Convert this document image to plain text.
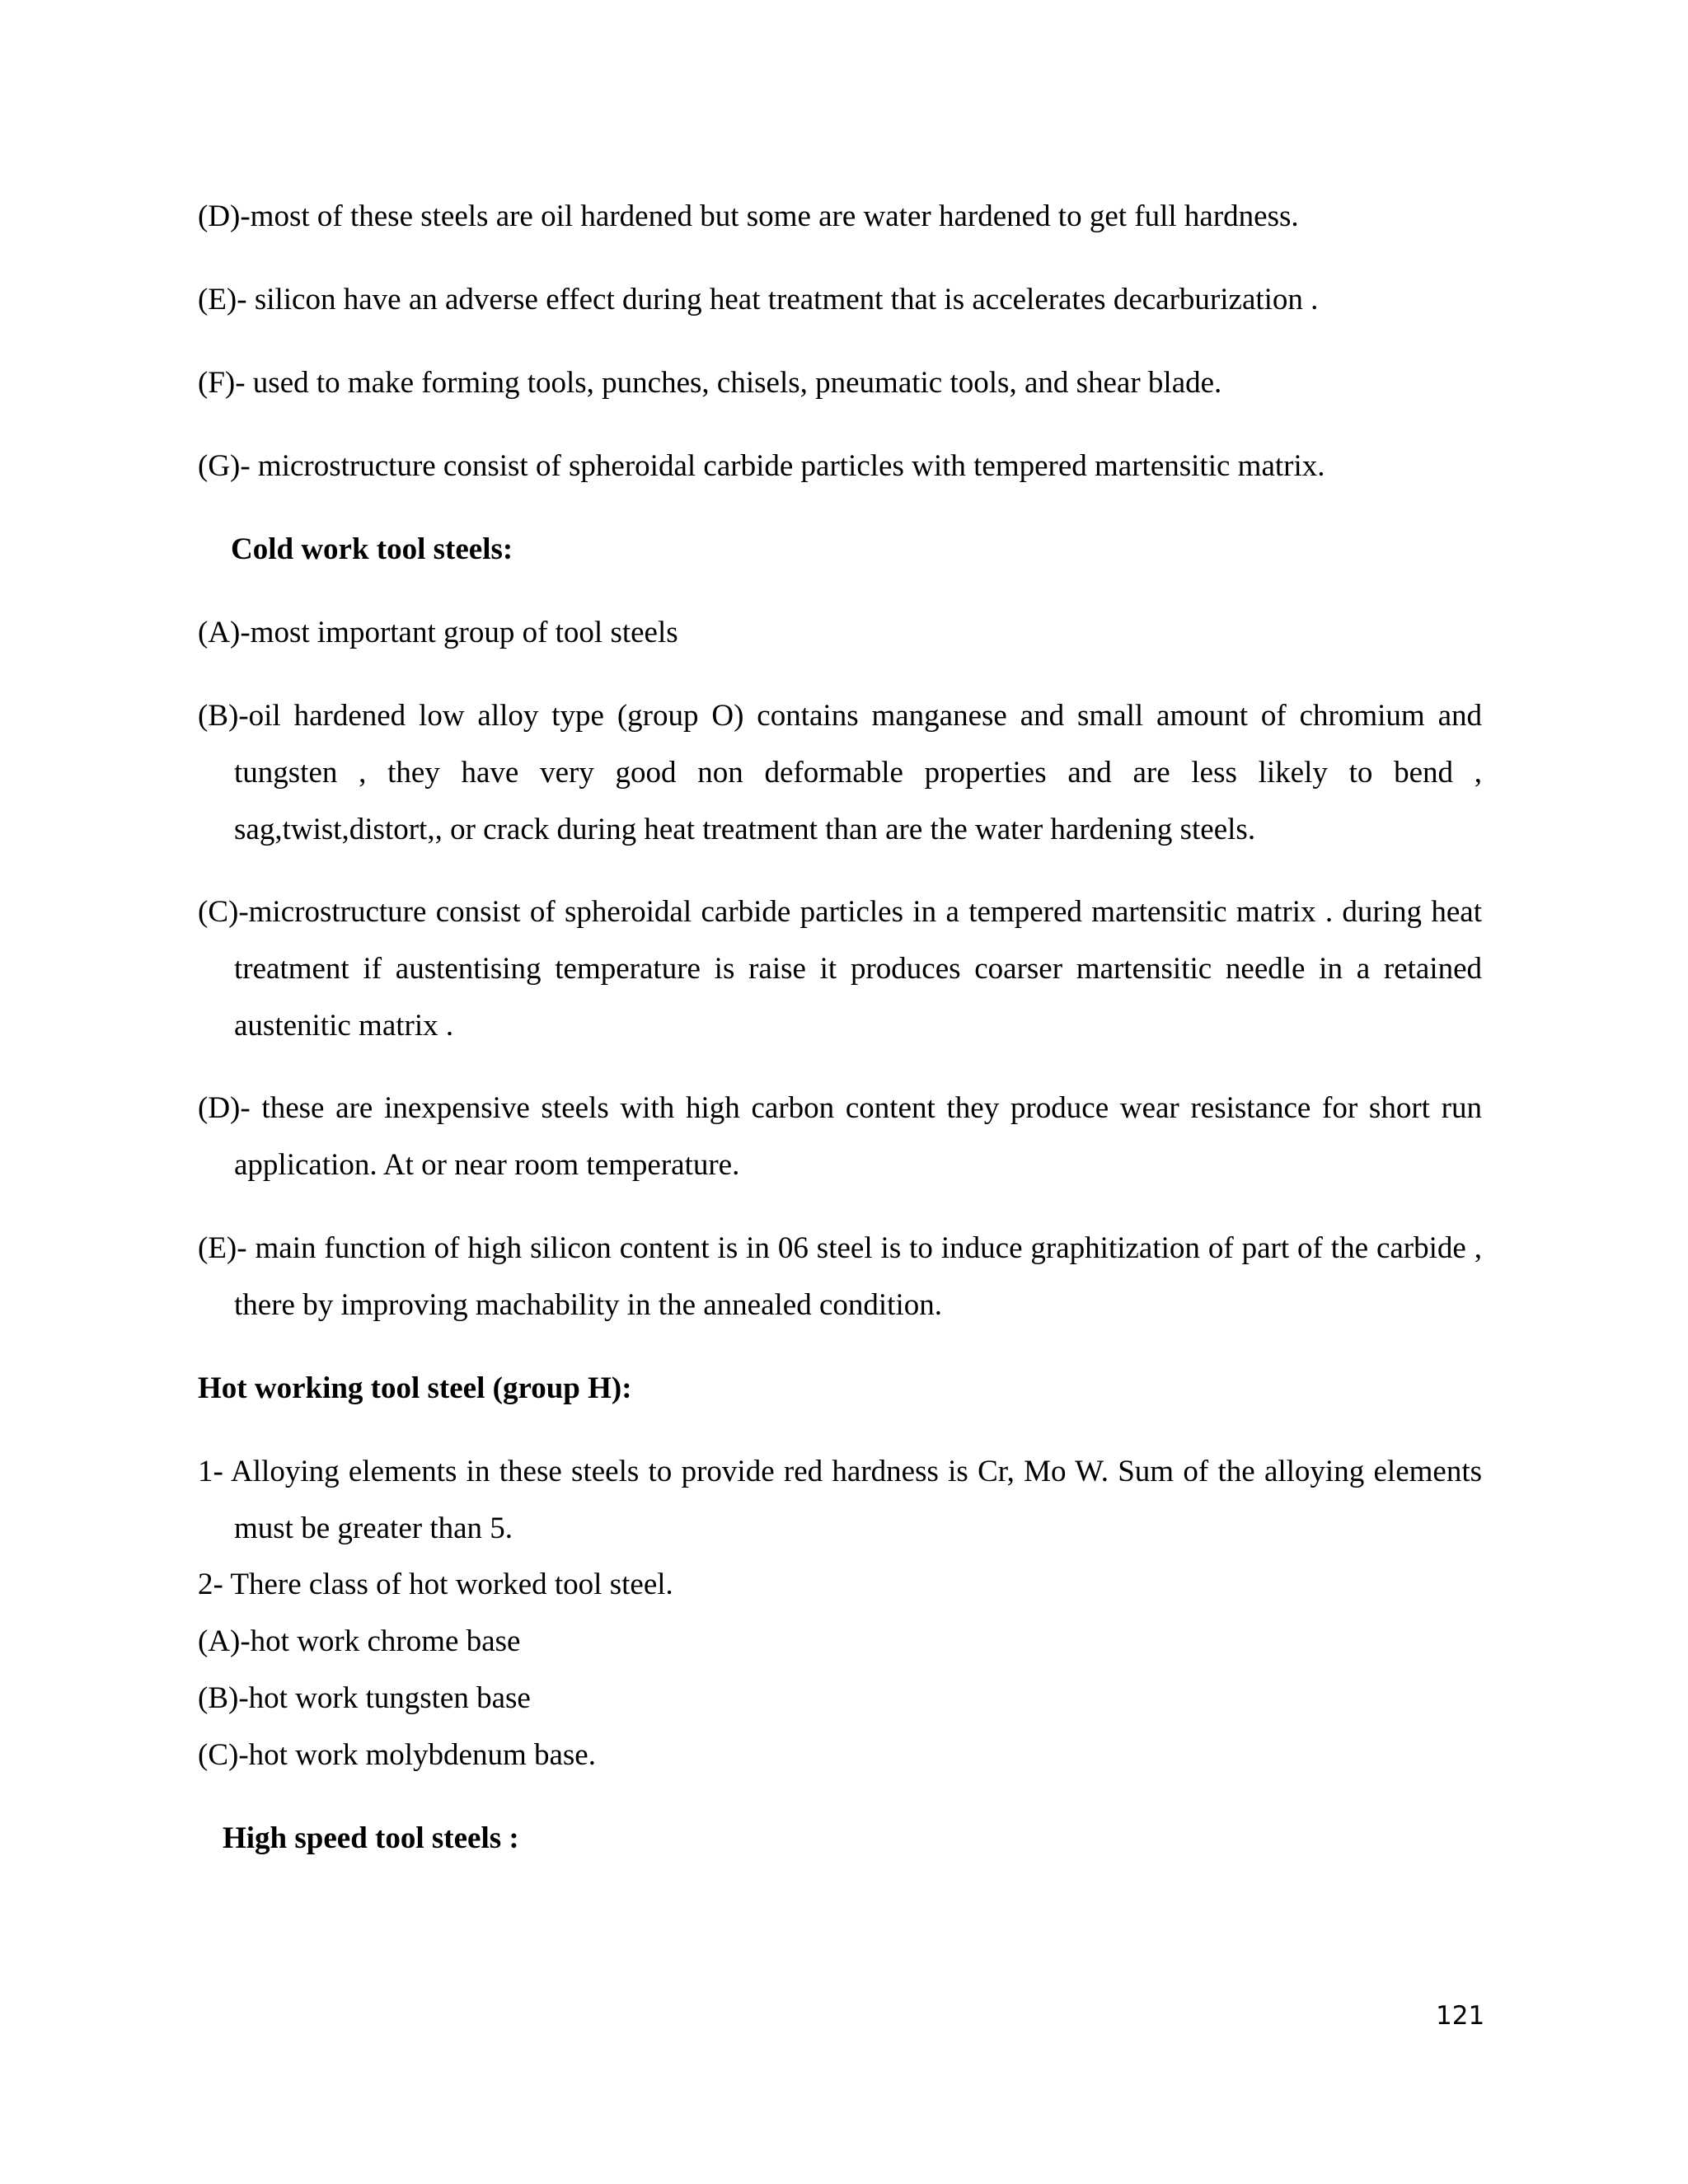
(D)-most of these steels are oil hardened but some are water hardened to get full hardness.
(E)- silicon have an adverse effect during heat treatment that is accelerates decarburization .
(F)- used to make forming tools, punches, chisels, pneumatic tools, and shear blade.
(G)- microstructure consist of spheroidal carbide particles with tempered martensitic matrix.
Cold work tool steels:
(A)-most important group of tool steels
(B)-oil hardened low alloy type (group O) contains manganese and small amount of chromium and tungsten , they have very good non deformable properties and are less likely to bend , sag,twist,distort,, or crack during heat treatment than are the water hardening steels.
(C)-microstructure consist of spheroidal carbide particles in a tempered martensitic matrix . during heat treatment if austentising temperature is raise it produces coarser martensitic needle in a retained austenitic matrix .
(D)- these are inexpensive steels with high carbon content they produce wear resistance for short run application. At or near room temperature.
(E)- main function of high silicon content is in 06 steel is to induce graphitization of part of the carbide , there by improving machability in the annealed condition.
Hot working tool steel (group H):
1- Alloying elements in these steels to provide red hardness is Cr, Mo W. Sum of the alloying elements must be greater than 5.
2- There class of hot worked tool steel.
(A)-hot work chrome base
(B)-hot work tungsten base
(C)-hot work molybdenum base.
High speed tool steels :
121
